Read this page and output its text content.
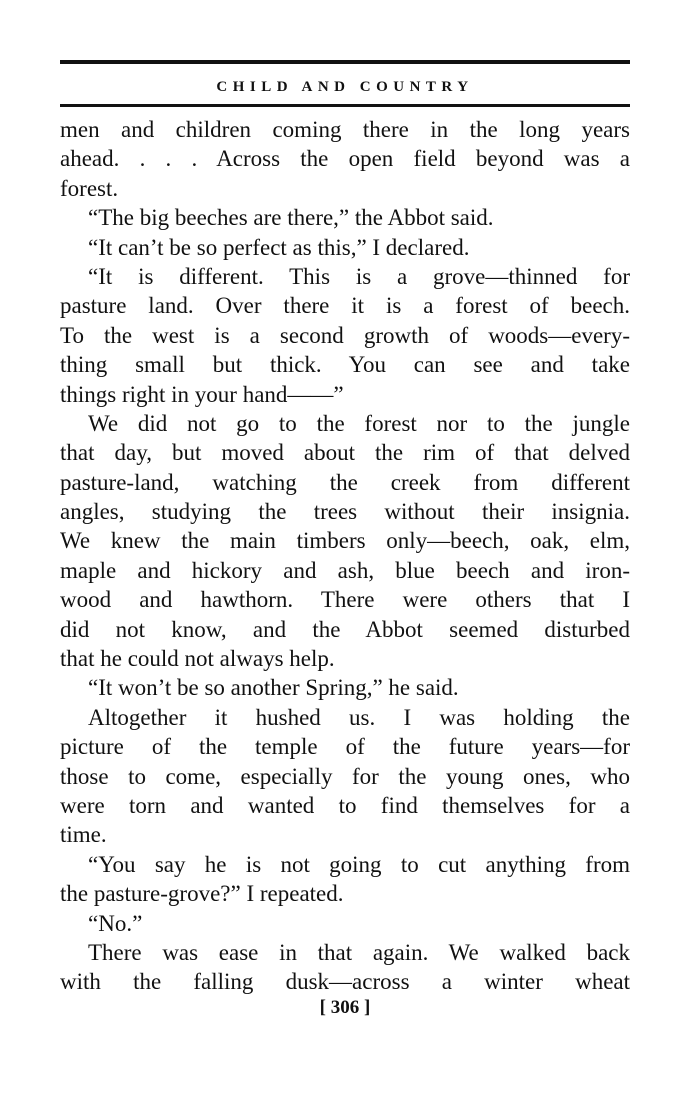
CHILD AND COUNTRY
men and children coming there in the long years
ahead. . . . Across the open field beyond was a
forest.
“The big beeches are there,” the Abbot said.
“It can’t be so perfect as this,” I declared.
“It is different. This is a grove—thinned for
pasture land. Over there it is a forest of beech.
To the west is a second growth of woods—every-
thing small but thick. You can see and take
things right in your hand——”
We did not go to the forest nor to the jungle
that day, but moved about the rim of that delved
pasture-land, watching the creek from different
angles, studying the trees without their insignia.
We knew the main timbers only—beech, oak, elm,
maple and hickory and ash, blue beech and iron-
wood and hawthorn. There were others that I
did not know, and the Abbot seemed disturbed
that he could not always help.
“It won’t be so another Spring,” he said.
Altogether it hushed us. I was holding the
picture of the temple of the future years—for
those to come, especially for the young ones, who
were torn and wanted to find themselves for a
time.
“You say he is not going to cut anything from
the pasture-grove?” I repeated.
“No.”
There was ease in that again. We walked back
with the falling dusk—across a winter wheat
[ 306 ]
